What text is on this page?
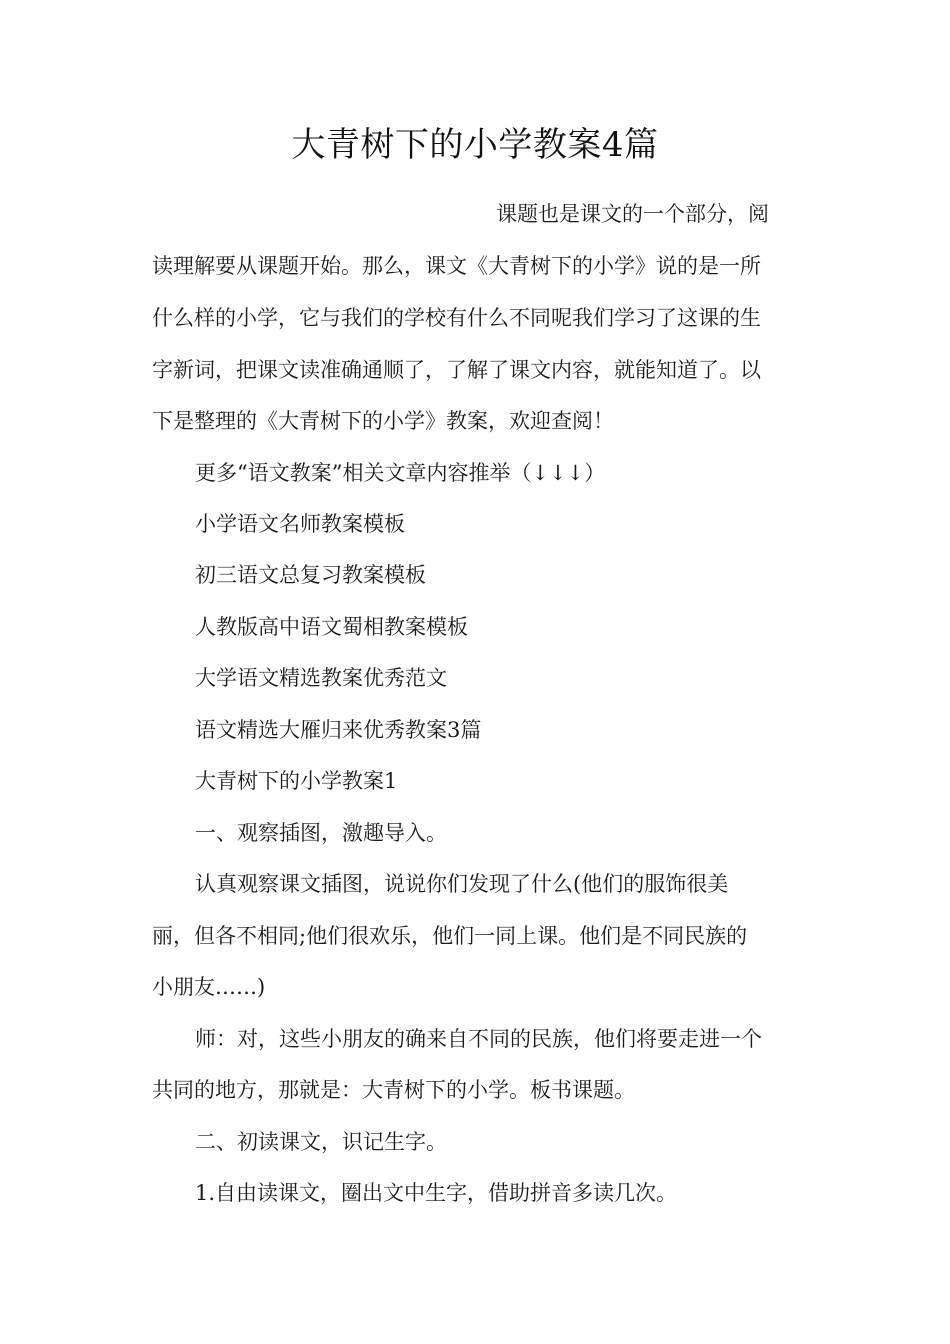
大青树下的小学教案4篇
课题也是课文的一个部分，阅
读理解要从课题开始。那么，课文《大青树下的小学》说的是一所
什么样的小学，它与我们的学校有什么不同呢我们学习了这课的生
字新词，把课文读准确通顺了，了解了课文内容，就能知道了。以
下是整理的《大青树下的小学》教案，欢迎查阅！
更多“语文教案”相关文章内容推举（↓↓↓）
小学语文名师教案模板
初三语文总复习教案模板
人教版高中语文蜀相教案模板
大学语文精选教案优秀范文
语文精选大雁归来优秀教案3篇
大青树下的小学教案1
一、观察插图，激趣导入。
认真观察课文插图，说说你们发现了什么(他们的服饰很美
丽，但各不相同;他们很欢乐，他们一同上课。他们是不同民族的
小朋友……)
师：对，这些小朋友的确来自不同的民族，他们将要走进一个
共同的地方，那就是：大青树下的小学。板书课题。
二、初读课文，识记生字。
1.自由读课文，圈出文中生字，借助拼音多读几次。
